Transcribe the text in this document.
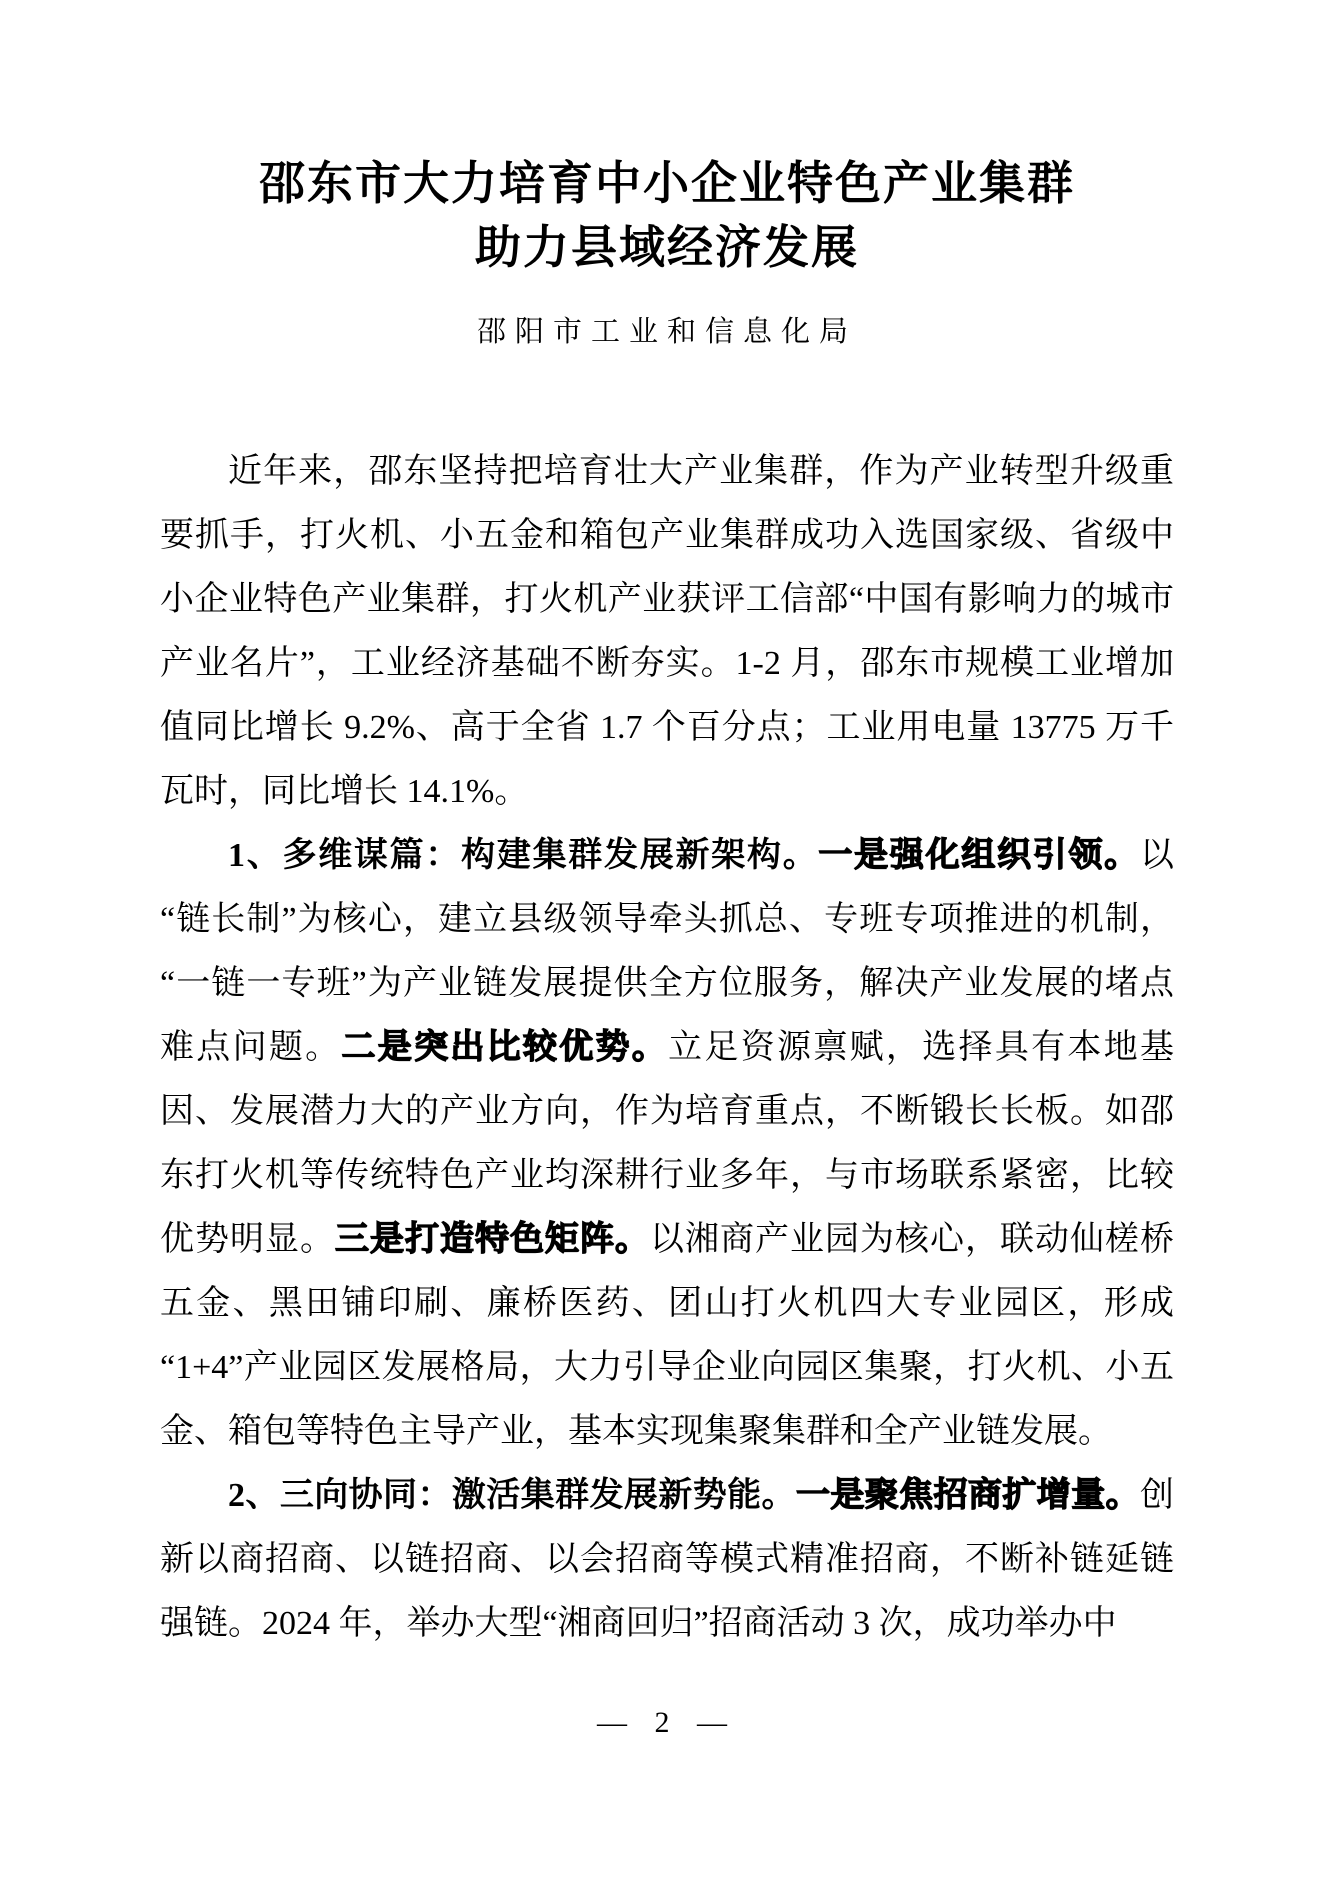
邵东市大力培育中小企业特色产业集群
助力县域经济发展
邵阳市工业和信息化局

近年来，邵东坚持把培育壮大产业集群，作为产业转型升级重要抓手，打火机、小五金和箱包产业集群成功入选国家级、省级中小企业特色产业集群，打火机产业获评工信部“中国有影响力的城市产业名片”，工业经济基础不断夯实。1-2 月，邵东市规模工业增加值同比增长 9.2%、高于全省 1.7 个百分点；工业用电量 13775 万千瓦时，同比增长 14.1%。

1、多维谋篇：构建集群发展新架构。一是强化组织引领。以“链长制”为核心，建立县级领导牵头抓总、专班专项推进的机制，“一链一专班”为产业链发展提供全方位服务，解决产业发展的堵点难点问题。二是突出比较优势。立足资源禀赋，选择具有本地基因、发展潜力大的产业方向，作为培育重点，不断锻长长板。如邵东打火机等传统特色产业均深耕行业多年，与市场联系紧密，比较优势明显。三是打造特色矩阵。以湘商产业园为核心，联动仙槎桥五金、黑田铺印刷、廉桥医药、团山打火机四大专业园区，形成“1+4”产业园区发展格局，大力引导企业向园区集聚，打火机、小五金、箱包等特色主导产业，基本实现集聚集群和全产业链发展。

2、三向协同：激活集群发展新势能。一是聚焦招商扩增量。创新以商招商、以链招商、以会招商等模式精准招商，不断补链延链强链。2024 年，举办大型“湘商回归”招商活动 3 次，成功举办中

— 2 —
